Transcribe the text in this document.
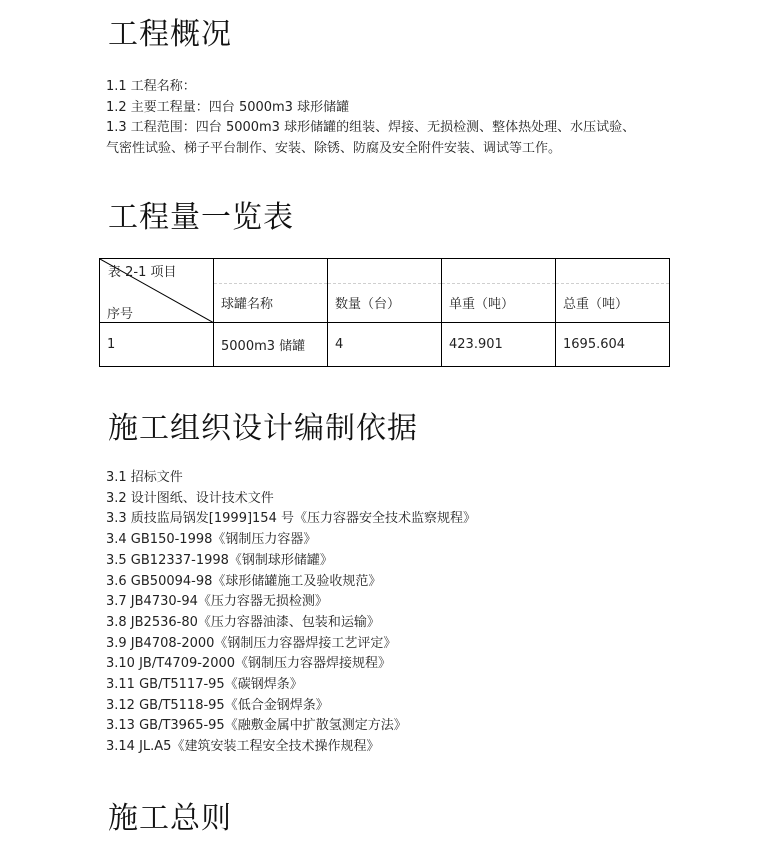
工程概况
1.1 工程名称：
1.2 主要工程量：四台 5000m3 球形储罐
1.3 工程范围：四台 5000m3 球形储罐的组装、焊接、无损检测、整体热处理、水压试验、
气密性试验、梯子平台制作、安装、除锈、防腐及安全附件安装、调试等工作。
工程量一览表
表 2-1 项目
序号	球罐名称	数量（台）	单重（吨）	总重（吨）

1	5000m3 储罐	4	423.901	1695.604
施工组织设计编制依据
3.1 招标文件
3.2 设计图纸、设计技术文件
3.3 质技监局锅发[1999]154 号《压力容器安全技术监察规程》
3.4 GB150-1998《钢制压力容器》
3.5 GB12337-1998《钢制球形储罐》
3.6 GB50094-98《球形储罐施工及验收规范》
3.7 JB4730-94《压力容器无损检测》
3.8 JB2536-80《压力容器油漆、包装和运输》
3.9 JB4708-2000《钢制压力容器焊接工艺评定》
3.10 JB/T4709-2000《钢制压力容器焊接规程》
3.11 GB/T5117-95《碳钢焊条》
3.12 GB/T5118-95《低合金钢焊条》
3.13 GB/T3965-95《融敷金属中扩散氢测定方法》
3.14 JL.A5《建筑安装工程安全技术操作规程》
施工总则
